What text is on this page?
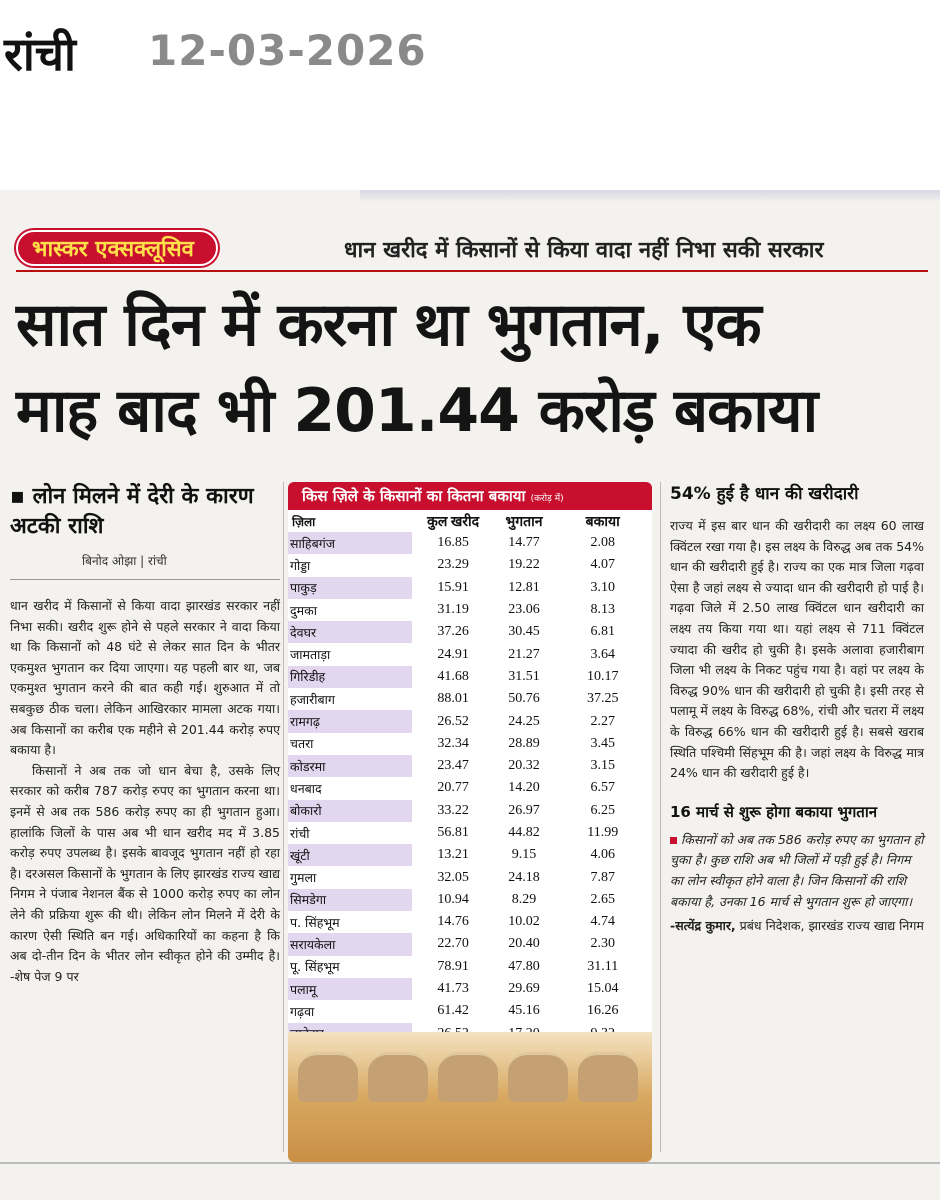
रांची 12-03-2026
भास्कर एक्सक्लूसिव	धान खरीद में किसानों से किया वादा नहीं निभा सकी सरकार
सात दिन में करना था भुगतान, एक
माह बाद भी 201.44 करोड़ बकाया
▪ लोन मिलने में देरी के कारण अटकी राशि
बिनोद ओझा | रांची

धान खरीद में किसानों से किया वादा झारखंड सरकार नहीं निभा सकी। खरीद शुरू होने से पहले सरकार ने वादा किया था कि किसानों को 48 घंटे से लेकर सात दिन के भीतर एकमुश्त भुगतान कर दिया जाएगा। यह पहली बार था, जब एकमुश्त भुगतान करने की बात कही गई। शुरुआत में तो सबकुछ ठीक चला। लेकिन आखिरकार मामला अटक गया। अब किसानों का करीब एक महीने से 201.44 करोड़ रुपए बकाया है।

किसानों ने अब तक जो धान बेचा है, उसके लिए सरकार को करीब 787 करोड़ रुपए का भुगतान करना था। इनमें से अब तक 586 करोड़ रुपए का ही भुगतान हुआ। हालांकि जिलों के पास अब भी धान खरीद मद में 3.85 करोड़ रुपए उपलब्ध है। इसके बावजूद भुगतान नहीं हो रहा है। दरअसल किसानों के भुगतान के लिए झारखंड राज्य खाद्य निगम ने पंजाब नेशनल बैंक से 1000 करोड़ रुपए का लोन लेने की प्रक्रिया शुरू की थी। लेकिन लोन मिलने में देरी के कारण ऐसी स्थिति बन गई। अधिकारियों का कहना है कि अब दो-तीन दिन के भीतर लोन स्वीकृत होने की उम्मीद है। -शेष पेज 9 पर

किस ज़िले के किसानों का कितना बकाया (करोड़ में)
ज़िला	कुल खरीद	भुगतान	बकाया
साहिबगंज	16.85	14.77	2.08
गोड्डा	23.29	19.22	4.07
पाकुड़	15.91	12.81	3.10
दुमका	31.19	23.06	8.13
देवघर	37.26	30.45	6.81
जामताड़ा	24.91	21.27	3.64
गिरिडीह	41.68	31.51	10.17
हजारीबाग	88.01	50.76	37.25
रामगढ़	26.52	24.25	2.27
चतरा	32.34	28.89	3.45
कोडरमा	23.47	20.32	3.15
धनबाद	20.77	14.20	6.57
बोकारो	33.22	26.97	6.25
रांची	56.81	44.82	11.99
खूंटी	13.21	9.15	4.06
गुमला	32.05	24.18	7.87
सिमडेगा	10.94	8.29	2.65
प. सिंहभूम	14.76	10.02	4.74
सरायकेला	22.70	20.40	2.30
पू. सिंहभूम	78.91	47.80	31.11
पलामू	41.73	29.69	15.04
गढ़वा	61.42	45.16	16.26

54% हुई है धान की खरीदारी
राज्य में इस बार धान की खरीदारी का लक्ष्य 60 लाख क्विंटल रखा गया है। इस लक्ष्य के विरुद्ध अब तक 54% धान की खरीदारी हुई है। राज्य का एक मात्र जिला गढ़वा ऐसा है जहां लक्ष्य से ज्यादा धान की खरीदारी हो पाई है। गढ़वा जिले में 2.50 लाख क्विंटल धान खरीदारी का लक्ष्य तय किया गया था। यहां लक्ष्य से 711 क्विंटल ज्यादा की खरीद हो चुकी है। इसके अलावा हजारीबाग जिला भी लक्ष्य के निकट पहुंच गया है। वहां पर लक्ष्य के विरुद्ध 90% धान की खरीदारी हो चुकी है। इसी तरह से पलामू में लक्ष्य के विरुद्ध 68%, रांची और चतरा में लक्ष्य के विरुद्ध 66% धान की खरीदारी हुई है। सबसे खराब स्थिति पश्चिमी सिंहभूम की है। जहां लक्ष्य के विरुद्ध मात्र 24% धान की खरीदारी हुई है।
16 मार्च से शुरू होगा बकाया भुगतान
किसानों को अब तक 586 करोड़ रुपए का भुगतान हो चुका है। कुछ राशि अब भी जिलों में पड़ी हुई है। निगम का लोन स्वीकृत होने वाला है। जिन किसानों की राशि बकाया है, उनका 16 मार्च से भुगतान शुरू हो जाएगा।
-सत्येंद्र कुमार, प्रबंध निदेशक, झारखंड राज्य खाद्य निगम
